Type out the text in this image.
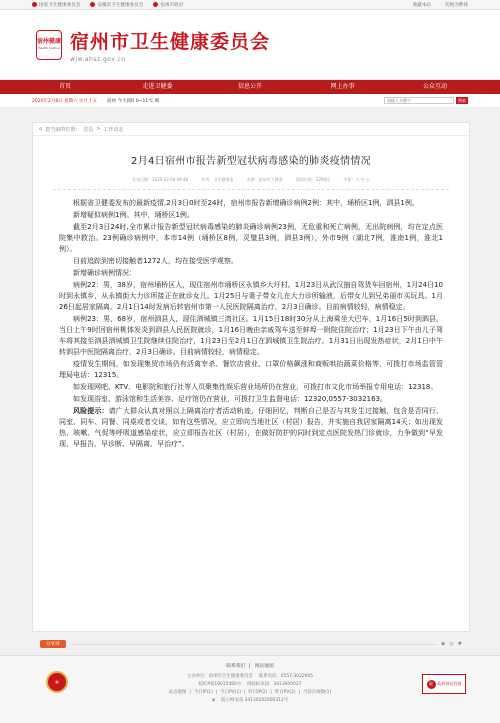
国家卫生健康委员会	安徽省卫生健康委员会	宿州市政府	收藏本站	切换为繁体
宿州健康
Health Suzhou 宿州市卫生健康委员会
wjw.ahsz.gov.cn
首页	走进卫健委	信息公开	网上办事	公众互动
2020年2月8日 星期六 正月十五 宿州 今天(晴) 0~11℃ 晴
请输入关键字	搜索
⌂ 您当前的位置： 首页 > 工作动态
2月4日宿州市报告新型冠状病毒感染的肺炎疫情情况
发布日期：2020-02-04 09:48	作者：卫生健康委	来源：宿州市卫健委	阅读次数：2290次	字体：大 中 小

根据省卫健委发布的最新疫情,2月3日0时至24时，宿州市报告新增确诊病例2例：其中，埇桥区1例，泗县1例。

新增疑似病例1例。其中，埇桥区1例。

截至2月3日24时,全市累计报告新型冠状病毒感染的肺炎确诊病例23例，无危重和死亡病例，无出院病例，均在定点医院集中救治。23例确诊病例中，本市14例（埇桥区8例，灵璧县3例，泗县3例），外市9例（湖北7例，淮南1例，淮北1例）。

目前追踪到密切接触者1272人，均在接受医学观察。

新增确诊病例情况：

病例22：男，38岁，宿州埇桥区人，现住宿州市埇桥区永镇乡大圩村。1月23日从武汉抽自驾货车回宿州，1月24日10时到永镇乡，从永镇街大力诊所接正在就诊女儿。1月25日与妻子带女儿在大力诊所输液，后带女儿到兄弟丽市买玩具。1月26日起居家隔离。2月1日14时发病后转宿州市第一人民医院隔离治疗，2月3日确诊。目前病情较轻，病情稳定。

病例23：男，68岁，宿州泗县人，现住泗城镇三湾社区。1月15日18时30分从上海乘坐大巴车，1月16日5时到泗县，当日上午9时回宿州桃体发炎到泗县人民医院就诊，1月16日晚由亲戚驾车送至蚌埠一附院住院治疗；1月23日下午由儿子驾车将其接至泗县泗城镇卫生院继续住院治疗，1月23日至2月1日在泗城镇卫生院治疗。1月31日出现发热症状，2月1日中午转泗县中医院隔离治疗，2月3日确诊。目前病情较轻，病情稳定。

疫情发生期间，如发现集贸市场仍有活禽宰杀、餐饮店营业、口罩价格飙涨和商贩哄抬蔬菜价格等，可拨打市场监管管理局电话：12315。

如发现网吧、KTV、电影院和旅行社等人员聚集性娱乐营业场所仍在营业，可拨打市文化市场举报专用电话：12318。

如发现浴室、游泳馆和生活美容、足疗馆仍在营业，可拨打卫生监督电话：12320,0557-3032163。

风险提示：请广大群众认真对照以上隔离治疗者活动轨迹，仔细回忆，判断自己是否与其发生过接触，包含是否同行、同室、同车、同餐、同桌或者交谈，如有这些情况，应立即向当地社区（村居）报告，并实施自我居家隔离14天；如出现发热、咳嗽、气促等呼吸道感染症状，应立即报告社区（村居），在做好防护的同时到定点医院发热门诊就诊，力争做到“早发现、早报告、早诊断、早隔离、早治疗”。

分享到	◉ ◎ ✱
联系我们 | 网站地图
★
主办单位：宿州市卫生健康委员会 联系电话：0557-3022905
皖ICP备19015480号 网站标识码：3413000027
站点地图 | 今日IP(1) | 今日PV(1) | 昨日IP(2) | 昨日PV(2) | 当前在线数(1)
◈ 皖公网安备 34130202000311号
政	政府网站找错
